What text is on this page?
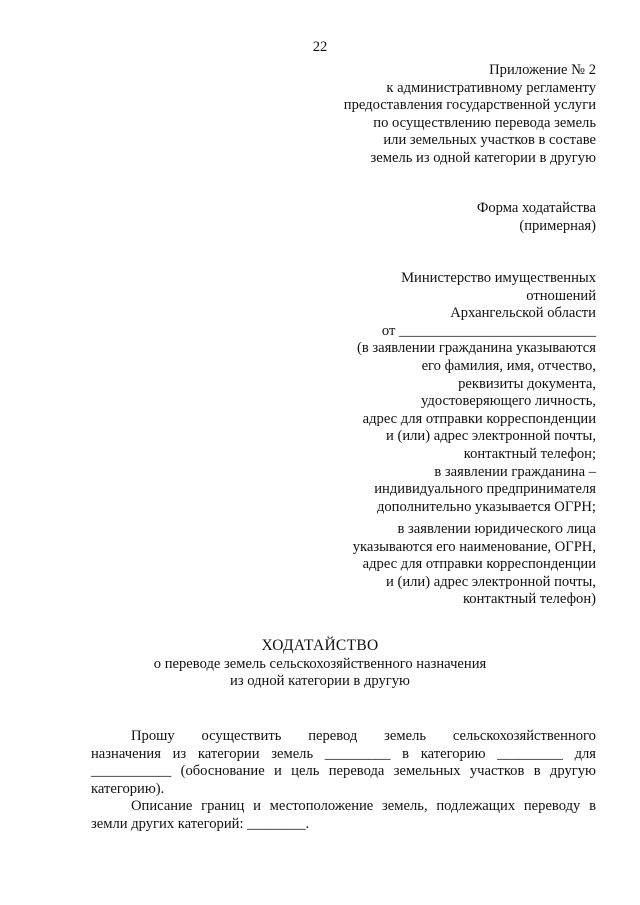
22
Приложение № 2
к административному регламенту
предоставления государственной услуги
по осуществлению перевода земель
или земельных участков в составе
земель из одной категории в другую
Форма ходатайства
(примерная)
Министерство имущественных
отношений
Архангельской области
от ___________________________
(в заявлении гражданина указываются
его фамилия, имя, отчество,
реквизиты документа,
удостоверяющего личность,
адрес для отправки корреспонденции
и (или) адрес электронной почты,
контактный телефон;
в заявлении гражданина –
индивидуального предпринимателя
дополнительно указывается ОГРН;
в заявлении юридического лица
указываются его наименование, ОГРН,
адрес для отправки корреспонденции
и (или) адрес электронной почты,
контактный телефон)
ХОДАТАЙСТВО
о переводе земель сельскохозяйственного назначения
из одной категории в другую
Прошу осуществить перевод земель сельскохозяйственного
назначения из категории земель _________ в категорию _________ для
___________ (обоснование и цель перевода земельных участков в другую
категорию).
Описание границ и местоположение земель, подлежащих переводу в
земли других категорий: ________.
